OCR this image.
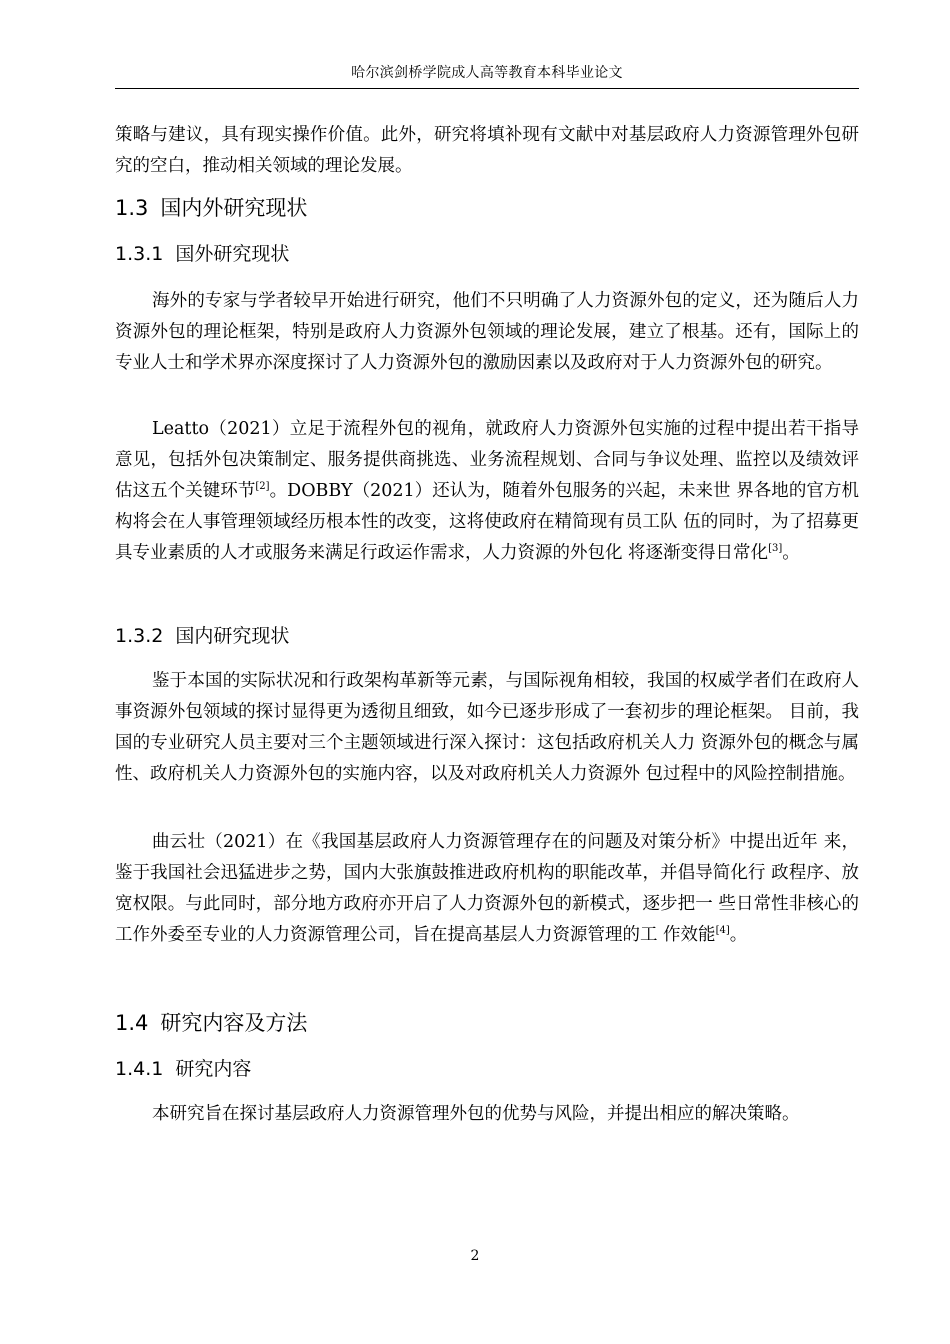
哈尔滨剑桥学院成人高等教育本科毕业论文
策略与建议，具有现实操作价值。此外，研究将填补现有文献中对基层政府人力资源管理外包研究的空白，推动相关领域的理论发展。
1.3 国内外研究现状
1.3.1 国外研究现状
海外的专家与学者较早开始进行研究，他们不只明确了人力资源外包的定义，还为随后人力资源外包的理论框架，特别是政府人力资源外包领域的理论发展，建立了根基。还有，国际上的专业人士和学术界亦深度探讨了人力资源外包的激励因素以及政府对于人力资源外包的研究。
Leatto（2021）立足于流程外包的视角，就政府人力资源外包实施的过程中提出若干指导意见，包括外包决策制定、服务提供商挑选、业务流程规划、合同与争议处理、监控以及绩效评估这五个关键环节[2]。DOBBY（2021）还认为，随着外包服务的兴起，未来世 界各地的官方机构将会在人事管理领域经历根本性的改变，这将使政府在精简现有员工队 伍的同时，为了招募更具专业素质的人才或服务来满足行政运作需求，人力资源的外包化 将逐渐变得日常化[3]。
1.3.2 国内研究现状
鉴于本国的实际状况和行政架构革新等元素，与国际视角相较，我国的权威学者们在政府人事资源外包领域的探讨显得更为透彻且细致，如今已逐步形成了一套初步的理论框架。 目前，我国的专业研究人员主要对三个主题领域进行深入探讨：这包括政府机关人力 资源外包的概念与属性、政府机关人力资源外包的实施内容，以及对政府机关人力资源外 包过程中的风险控制措施。
曲云壮（2021）在《我国基层政府人力资源管理存在的问题及对策分析》中提出近年 来，鉴于我国社会迅猛进步之势，国内大张旗鼓推进政府机构的职能改革，并倡导简化行 政程序、放宽权限。与此同时，部分地方政府亦开启了人力资源外包的新模式，逐步把一 些日常性非核心的工作外委至专业的人力资源管理公司，旨在提高基层人力资源管理的工 作效能[4]。
1.4 研究内容及方法
1.4.1 研究内容
本研究旨在探讨基层政府人力资源管理外包的优势与风险，并提出相应的解决策略。
2
